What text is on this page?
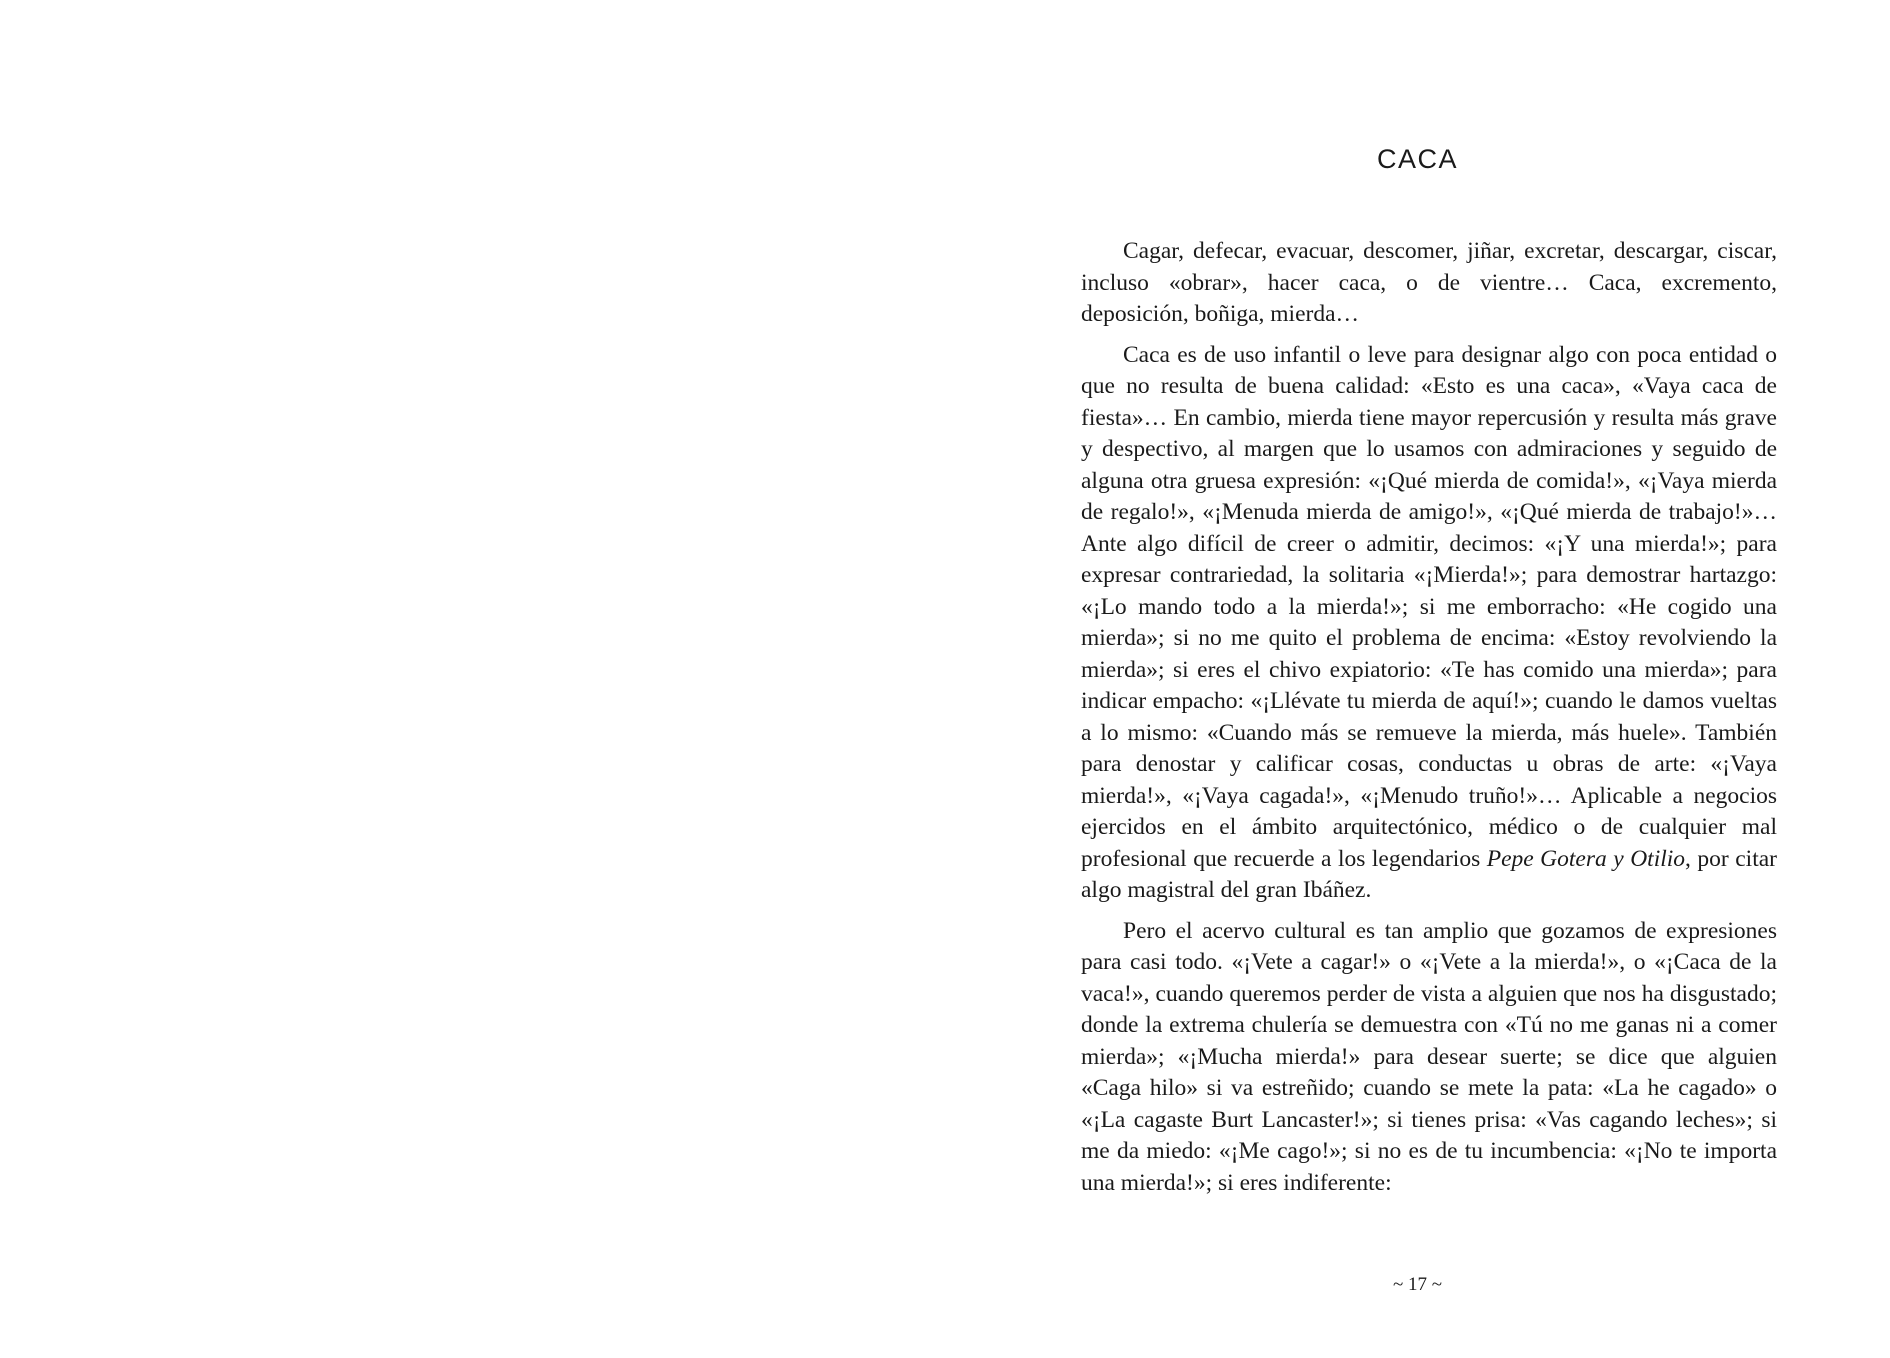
CACA

Cagar, defecar, evacuar, descomer, jiñar, excretar, descargar, ciscar, incluso «obrar», hacer caca, o de vientre… Caca, excremento, deposición, boñiga, mierda…

Caca es de uso infantil o leve para designar algo con poca entidad o que no resulta de buena calidad: «Esto es una caca», «Vaya caca de fiesta»… En cambio, mierda tiene mayor repercusión y resulta más grave y despectivo, al margen que lo usamos con admiraciones y seguido de alguna otra gruesa expresión: «¡Qué mierda de comida!», «¡Vaya mierda de regalo!», «¡Menuda mierda de amigo!», «¡Qué mierda de trabajo!»… Ante algo difícil de creer o admitir, decimos: «¡Y una mierda!»; para expresar contrariedad, la solitaria «¡Mierda!»; para demostrar hartazgo: «¡Lo mando todo a la mierda!»; si me emborracho: «He cogido una mierda»; si no me quito el problema de encima: «Estoy revolviendo la mierda»; si eres el chivo expiatorio: «Te has comido una mierda»; para indicar empacho: «¡Llévate tu mierda de aquí!»; cuando le damos vueltas a lo mismo: «Cuando más se remueve la mierda, más huele». También para denostar y calificar cosas, conductas u obras de arte: «¡Vaya mierda!», «¡Vaya cagada!», «¡Menudo truño!»… Aplicable a negocios ejercidos en el ámbito arquitectónico, médico o de cualquier mal profesional que recuerde a los legendarios Pepe Gotera y Otilio, por citar algo magistral del gran Ibáñez.

Pero el acervo cultural es tan amplio que gozamos de expresiones para casi todo. «¡Vete a cagar!» o «¡Vete a la mierda!», o «¡Caca de la vaca!», cuando queremos perder de vista a alguien que nos ha disgustado; donde la extrema chulería se demuestra con «Tú no me ganas ni a comer mierda»; «¡Mucha mierda!» para desear suerte; se dice que alguien «Caga hilo» si va estreñido; cuando se mete la pata: «La he cagado» o «¡La cagaste Burt Lancaster!»; si tienes prisa: «Vas cagando leches»; si me da miedo: «¡Me cago!»; si no es de tu incumbencia: «¡No te importa una mierda!»; si eres indiferente:

~ 17 ~
